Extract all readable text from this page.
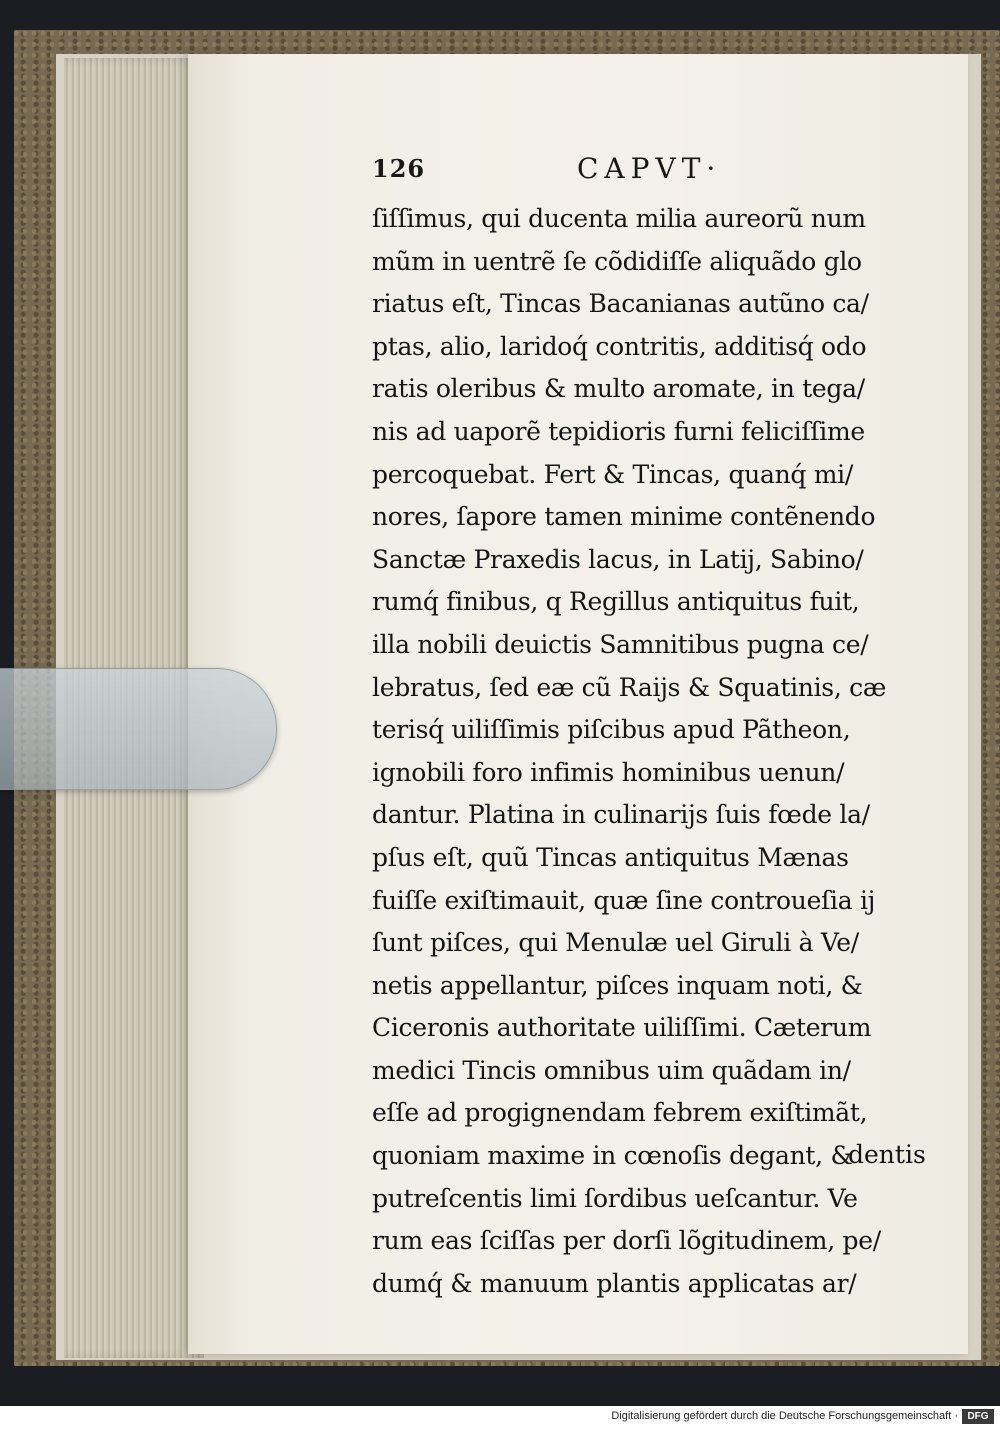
126	CAPVT·
ſiſſimus, qui ducenta milia aureorũ num
mũm in uentrẽ ſe cõdidiſſe aliquãdo glo
riatus eſt, Tincas Bacanianas autũno ca/
ptas, alio, laridoq́ contritis, additisq́ odo
ratis oleribus & multo aromate, in tega/
nis ad uaporẽ tepidioris furni feliciſſime
percoquebat. Fert & Tincas, quanq́ mi/
nores, ſapore tamen minime contẽnendo
Sanctæ Praxedis lacus, in Latij, Sabino/
rumq́ finibus, q Regillus antiquitus fuit,
illa nobili deuictis Samnitibus pugna ce/
lebratus, ſed eæ cũ Raijs & Squatinis, cæ
terisq́ uiliſſimis piſcibus apud Pãtheon,
ignobili foro infimis hominibus uenun/
dantur. Platina in culinarijs ſuis fœde la/
pſus eſt, quũ Tincas antiquitus Mænas
fuiſſe exiſtimauit, quæ ſine controueſia ij
ſunt piſces, qui Menulæ uel Giruli à Ve/
netis appellantur, piſces inquam noti, &
Ciceronis authoritate uiliſſimi. Cæterum
medici Tincis omnibus uim quãdam in/
eſſe ad progignendam febrem exiſtimãt,
quoniam maxime in cœnoſis degant, &
putreſcentis limi ſordibus ueſcantur. Ve
rum eas ſciſſas per dorſi lõgitudinem, pe/
dumq́ & manuum plantis applicatas ar/
dentis
Digitalisierung gefördert durch die Deutsche Forschungsgemeinschaft · DFG
